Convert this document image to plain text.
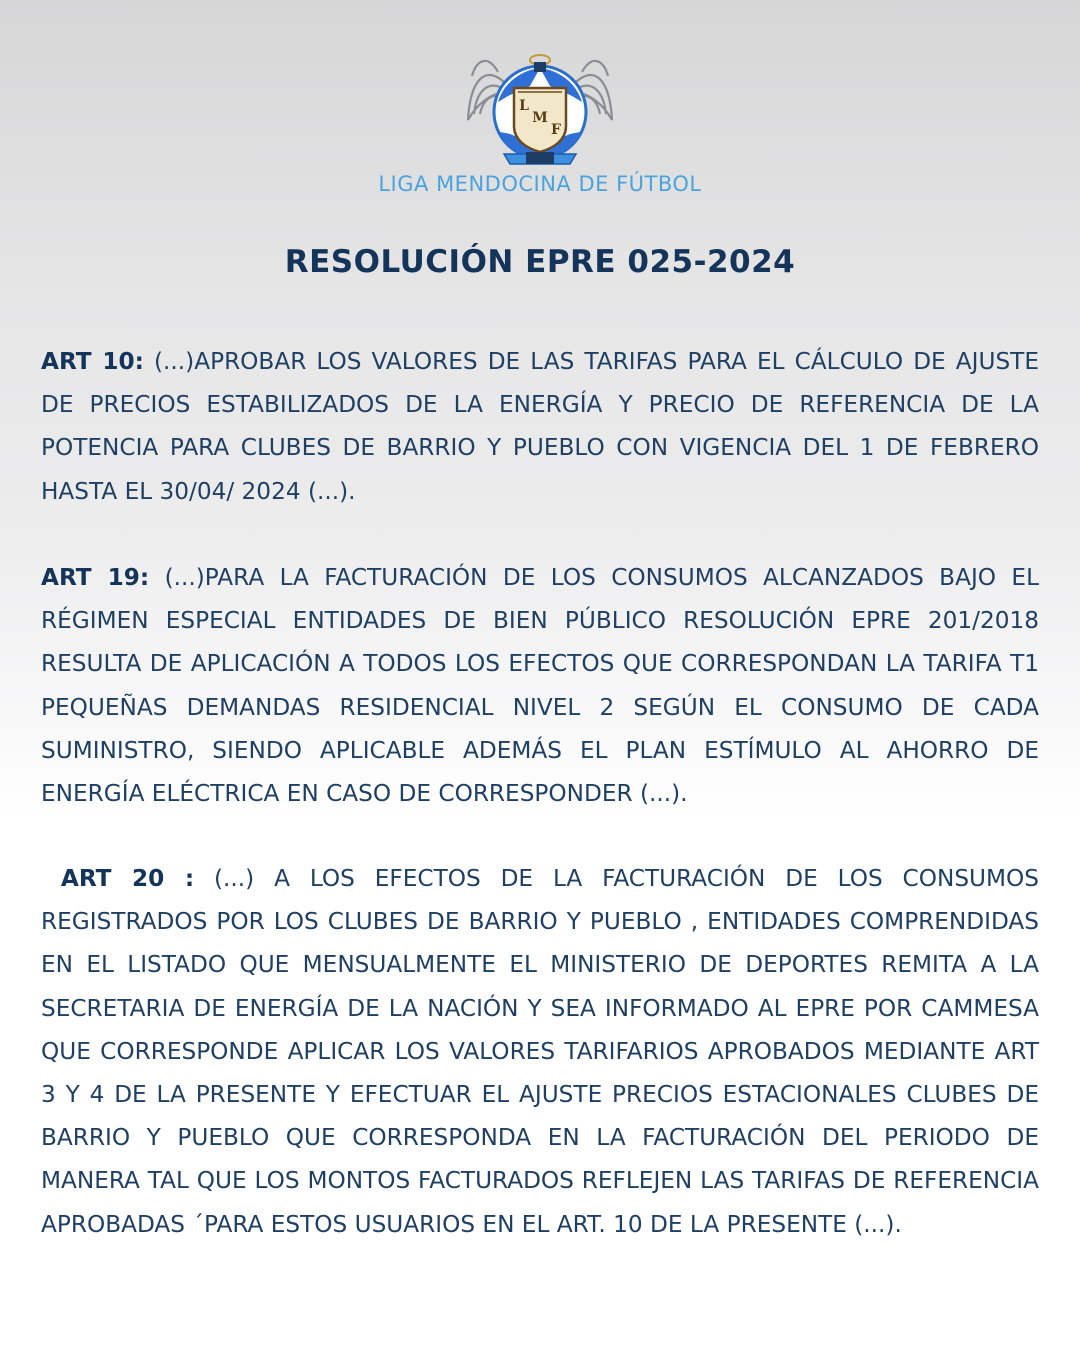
L
M
F

LIGA MENDOCINA DE FÚTBOL

RESOLUCIÓN EPRE 025-2024

ART 10: (...)APROBAR LOS VALORES DE LAS TARIFAS PARA EL CÁLCULO DE AJUSTE DE PRECIOS ESTABILIZADOS DE LA ENERGÍA Y PRECIO DE REFERENCIA DE LA POTENCIA PARA CLUBES DE BARRIO Y PUEBLO CON VIGENCIA DEL 1 DE FEBRERO HASTA EL 30/04/ 2024 (...).

ART 19: (...)PARA LA FACTURACIÓN DE LOS CONSUMOS ALCANZADOS BAJO EL RÉGIMEN ESPECIAL ENTIDADES DE BIEN PÚBLICO RESOLUCIÓN EPRE 201/2018 RESULTA DE APLICACIÓN A TODOS LOS EFECTOS QUE CORRESPONDAN LA TARIFA T1 PEQUEÑAS DEMANDAS RESIDENCIAL NIVEL 2 SEGÚN EL CONSUMO DE CADA SUMINISTRO, SIENDO APLICABLE ADEMÁS EL PLAN ESTÍMULO AL AHORRO DE ENERGÍA ELÉCTRICA EN CASO DE CORRESPONDER (...).

ART 20 : (...) A LOS EFECTOS DE LA FACTURACIÓN DE LOS CONSUMOS REGISTRADOS POR LOS CLUBES DE BARRIO Y PUEBLO , ENTIDADES COMPRENDIDAS EN EL LISTADO QUE MENSUALMENTE EL MINISTERIO DE DEPORTES REMITA A LA SECRETARIA DE ENERGÍA DE LA NACIÓN Y SEA INFORMADO AL EPRE POR CAMMESA QUE CORRESPONDE APLICAR LOS VALORES TARIFARIOS APROBADOS MEDIANTE ART 3 Y 4 DE LA PRESENTE Y EFECTUAR EL AJUSTE PRECIOS ESTACIONALES CLUBES DE BARRIO Y PUEBLO QUE CORRESPONDA EN LA FACTURACIÓN DEL PERIODO DE MANERA TAL QUE LOS MONTOS FACTURADOS REFLEJEN LAS TARIFAS DE REFERENCIA APROBADAS ´PARA ESTOS USUARIOS EN EL ART. 10 DE LA PRESENTE (...).
